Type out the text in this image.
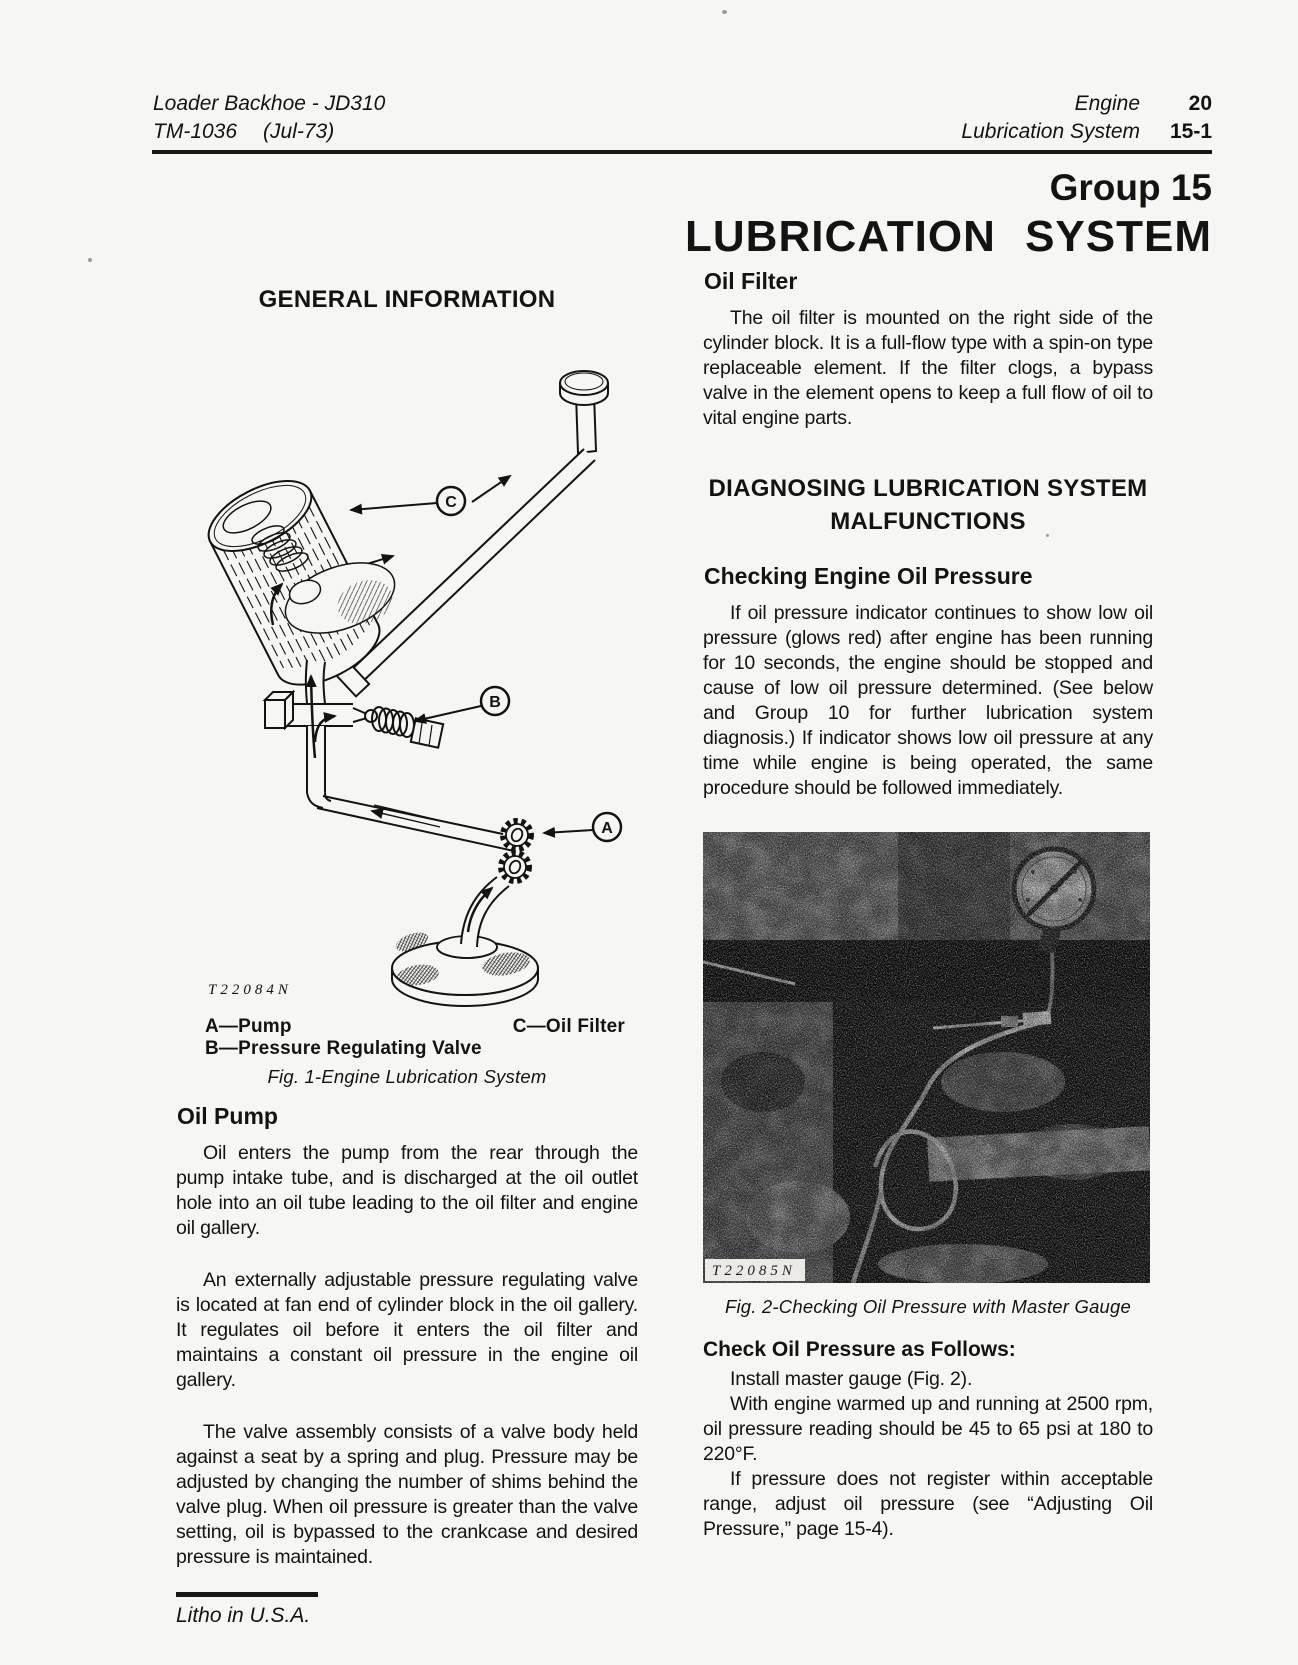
Loader Backhoe - JD310
TM-1036 (Jul-73)
Engine	20
Lubrication System	15-1
Group 15
LUBRICATION SYSTEM
GENERAL INFORMATION
C
B
A
T22084N
A—Pump	C—Oil Filter
B—Pressure Regulating Valve
Fig. 1-Engine Lubrication System
Oil Pump

Oil enters the pump from the rear through the pump intake tube, and is discharged at the oil outlet hole into an oil tube leading to the oil filter and engine oil gallery.

An externally adjustable pressure regulating valve is located at fan end of cylinder block in the oil gallery. It regulates oil before it enters the oil filter and maintains a constant oil pressure in the engine oil gallery.

The valve assembly consists of a valve body held against a seat by a spring and plug. Pressure may be adjusted by changing the number of shims behind the valve plug. When oil pressure is greater than the valve setting, oil is bypassed to the crankcase and desired pressure is maintained.

Oil Filter

The oil filter is mounted on the right side of the cylinder block. It is a full-flow type with a spin-on type replaceable element. If the filter clogs, a bypass valve in the element opens to keep a full flow of oil to vital engine parts.

DIAGNOSING LUBRICATION SYSTEM
MALFUNCTIONS
Checking Engine Oil Pressure

If oil pressure indicator continues to show low oil pressure (glows red) after engine has been running for 10 seconds, the engine should be stopped and cause of low oil pressure determined. (See below and Group 10 for further lubrication system diagnosis.) If indicator shows low oil pressure at any time while engine is being operated, the same procedure should be followed immediately.

T22085N
Fig. 2-Checking Oil Pressure with Master Gauge
Check Oil Pressure as Follows:

Install master gauge (Fig. 2).

With engine warmed up and running at 2500 rpm, oil pressure reading should be 45 to 65 psi at 180 to 220°F.

If pressure does not register within acceptable range, adjust oil pressure (see “Adjusting Oil Pressure,” page 15-4).

Litho in U.S.A.
